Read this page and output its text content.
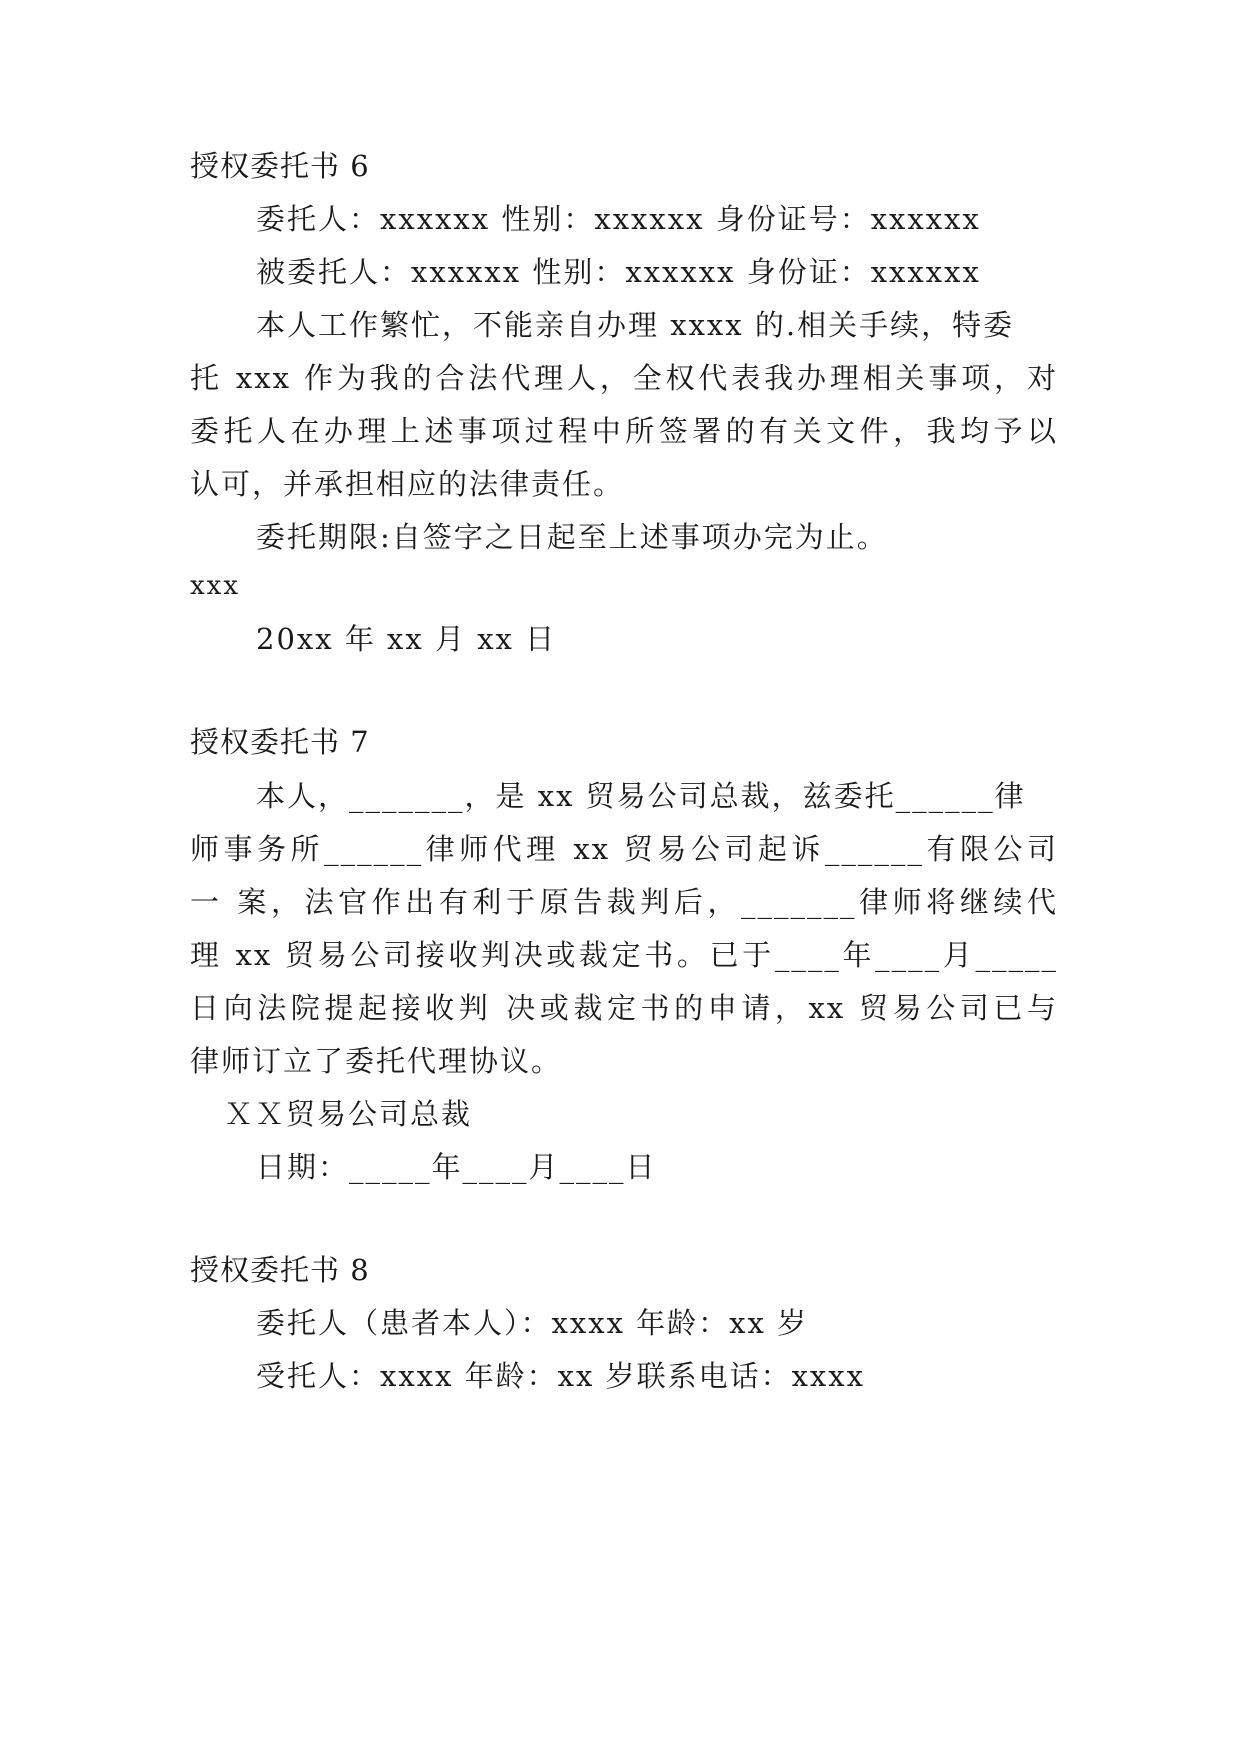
授权委托书 6
委托人：xxxxxx 性别：xxxxxx 身份证号：xxxxxx
被委托人：xxxxxx 性别：xxxxxx 身份证：xxxxxx
本人工作繁忙，不能亲自办理 xxxx 的.相关手续，特委
托 xxx 作为我的合法代理人，全权代表我办理相关事项，对
委托人在办理上述事项过程中所签署的有关文件，我均予以
认可，并承担相应的法律责任。
委托期限:自签字之日起至上述事项办完为止。
xxx
20xx 年 xx 月 xx 日
授权委托书 7
本人，_______，是 xx 贸易公司总裁，兹委托______律
师事务所______律师代理 xx 贸易公司起诉______有限公司
一 案，法官作出有利于原告裁判后，_______律师将继续代
理 xx 贸易公司接收判决或裁定书。已于____年____月_____
日向法院提起接收判 决或裁定书的申请，xx 贸易公司已与
律师订立了委托代理协议。
ＸＸ贸易公司总裁
日期：_____年____月____日
授权委托书 8
委托人（患者本人）：xxxx 年龄：xx 岁
受托人：xxxx 年龄：xx 岁联系电话：xxxx
